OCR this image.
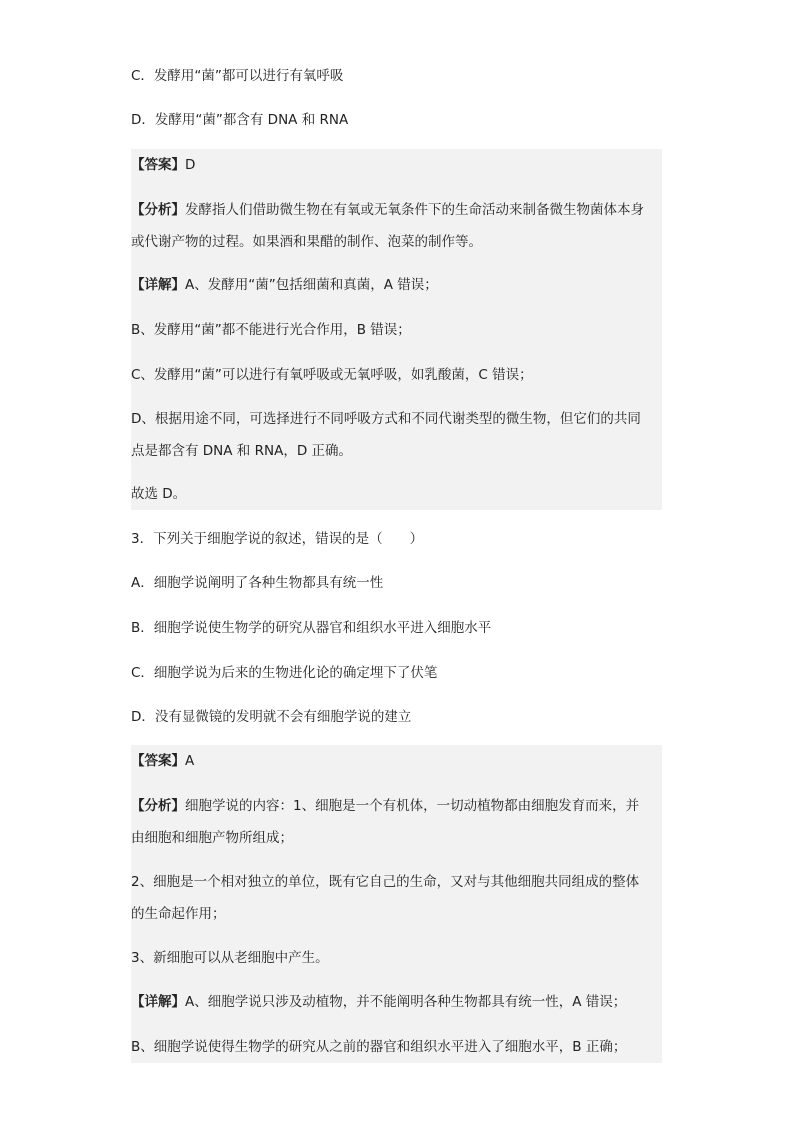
C．发酵用“菌”都可以进行有氧呼吸
D．发酵用“菌”都含有 DNA 和 RNA
【答案】D
【分析】发酵指人们借助微生物在有氧或无氧条件下的生命活动来制备微生物菌体本身
或代谢产物的过程。如果酒和果醋的制作、泡菜的制作等。
【详解】A、发酵用“菌”包括细菌和真菌，A 错误；
B、发酵用“菌”都不能进行光合作用，B 错误；
C、发酵用“菌”可以进行有氧呼吸或无氧呼吸，如乳酸菌，C 错误；
D、根据用途不同，可选择进行不同呼吸方式和不同代谢类型的微生物，但它们的共同
点是都含有 DNA 和 RNA，D 正确。
故选 D。
3．下列关于细胞学说的叙述，错误的是（　　）
A．细胞学说阐明了各种生物都具有统一性
B．细胞学说使生物学的研究从器官和组织水平进入细胞水平
C．细胞学说为后来的生物进化论的确定埋下了伏笔
D．没有显微镜的发明就不会有细胞学说的建立
【答案】A
【分析】细胞学说的内容：1、细胞是一个有机体，一切动植物都由细胞发育而来，并
由细胞和细胞产物所组成；
2、细胞是一个相对独立的单位，既有它自己的生命，又对与其他细胞共同组成的整体
的生命起作用；
3、新细胞可以从老细胞中产生。
【详解】A、细胞学说只涉及动植物，并不能阐明各种生物都具有统一性，A 错误；
B、细胞学说使得生物学的研究从之前的器官和组织水平进入了细胞水平，B 正确；
